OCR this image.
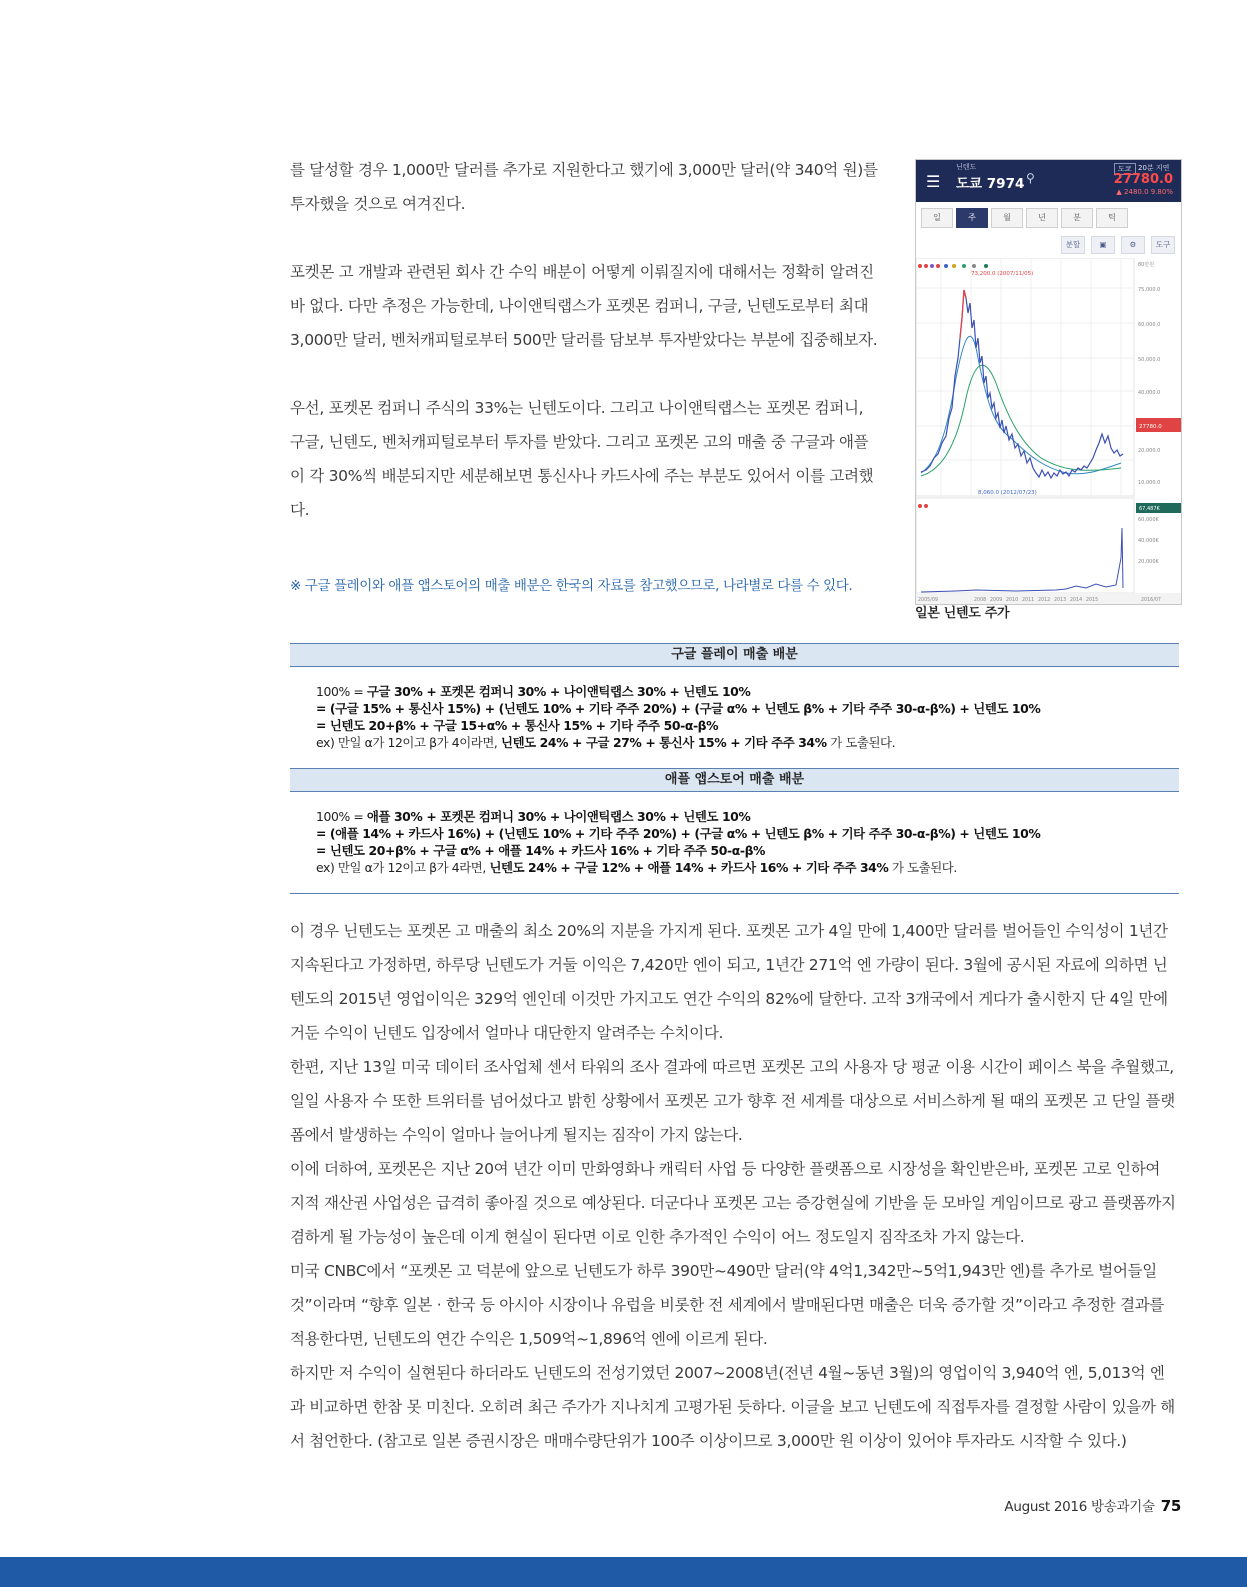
를 달성할 경우 1,000만 달러를 추가로 지원한다고 했기에 3,000만 달러(약 340억 원)를 투자했을 것으로 여겨진다.

포켓몬 고 개발과 관련된 회사 간 수익 배분이 어떻게 이뤄질지에 대해서는 정확히 알려진 바 없다. 다만 추정은 가능한데, 나이앤틱랩스가 포켓몬 컴퍼니, 구글, 닌텐도로부터 최대 3,000만 달러, 벤처캐피털로부터 500만 달러를 담보부 투자받았다는 부분에 집중해보자.

우선, 포켓몬 컴퍼니 주식의 33%는 닌텐도이다. 그리고 나이앤틱랩스는 포켓몬 컴퍼니, 구글, 닌텐도, 벤처캐피털로부터 투자를 받았다. 그리고 포켓몬 고의 매출 중 구글과 애플이 각 30%씩 배분되지만 세분해보면 통신사나 카드사에 주는 부분도 있어서 이를 고려했다.

※ 구글 플레이와 애플 앱스토어의 매출 배분은 한국의 자료를 참고했으므로, 나라별로 다를 수 있다.
☰
닌텐도
도쿄 7974 ⚲
도쿄 20분 지연
27780.0
▲ 2480.0 9.80%
일	주	월	년	분	틱
분할	▣	⚙	도구
73,200.0 (2007/11/05)
8,060.0 (2012/07/23)
80만원
75,000.0
60,000.0
50,000.0
40,000.0
20,000.0
10,000.0
27780.0
67,487K
60,000K
40,000K
20,000K
2005/09	2008 2009 2010 2011 2012 2013 2014 2015	2016/07
일본 닌텐도 주가
구글 플레이 매출 배분

100% = 구글 30% + 포켓몬 컴퍼니 30% + 나이앤틱랩스 30% + 닌텐도 10%

= (구글 15% + 통신사 15%) + (닌텐도 10% + 기타 주주 20%) + (구글 α% + 닌텐도 β% + 기타 주주 30-α-β%) + 닌텐도 10%

= 닌텐도 20+β% + 구글 15+α% + 통신사 15% + 기타 주주 50-α-β%

ex) 만일 α가 12이고 β가 4이라면, 닌텐도 24% + 구글 27% + 통신사 15% + 기타 주주 34% 가 도출된다.

애플 앱스토어 매출 배분

100% = 애플 30% + 포켓몬 컴퍼니 30% + 나이앤틱랩스 30% + 닌텐도 10%

= (애플 14% + 카드사 16%) + (닌텐도 10% + 기타 주주 20%) + (구글 α% + 닌텐도 β% + 기타 주주 30-α-β%) + 닌텐도 10%

= 닌텐도 20+β% + 구글 α% + 애플 14% + 카드사 16% + 기타 주주 50-α-β%

ex) 만일 α가 12이고 β가 4라면, 닌텐도 24% + 구글 12% + 애플 14% + 카드사 16% + 기타 주주 34% 가 도출된다.

이 경우 닌텐도는 포켓몬 고 매출의 최소 20%의 지분을 가지게 된다. 포켓몬 고가 4일 만에 1,400만 달러를 벌어들인 수익성이 1년간 지속된다고 가정하면, 하루당 닌텐도가 거둘 이익은 7,420만 엔이 되고, 1년간 271억 엔 가량이 된다. 3월에 공시된 자료에 의하면 닌텐도의 2015년 영업이익은 329억 엔인데 이것만 가지고도 연간 수익의 82%에 달한다. 고작 3개국에서 게다가 출시한지 단 4일 만에 거둔 수익이 닌텐도 입장에서 얼마나 대단한지 알려주는 수치이다.

한편, 지난 13일 미국 데이터 조사업체 센서 타워의 조사 결과에 따르면 포켓몬 고의 사용자 당 평균 이용 시간이 페이스 북을 추월했고, 일일 사용자 수 또한 트위터를 넘어섰다고 밝힌 상황에서 포켓몬 고가 향후 전 세계를 대상으로 서비스하게 될 때의 포켓몬 고 단일 플랫폼에서 발생하는 수익이 얼마나 늘어나게 될지는 짐작이 가지 않는다.

이에 더하여, 포켓몬은 지난 20여 년간 이미 만화영화나 캐릭터 사업 등 다양한 플랫폼으로 시장성을 확인받은바, 포켓몬 고로 인하여 지적 재산권 사업성은 급격히 좋아질 것으로 예상된다. 더군다나 포켓몬 고는 증강현실에 기반을 둔 모바일 게임이므로 광고 플랫폼까지 겸하게 될 가능성이 높은데 이게 현실이 된다면 이로 인한 추가적인 수익이 어느 정도일지 짐작조차 가지 않는다.

미국 CNBC에서 “포켓몬 고 덕분에 앞으로 닌텐도가 하루 390만~490만 달러(약 4억1,342만~5억1,943만 엔)를 추가로 벌어들일 것”이라며 “향후 일본 · 한국 등 아시아 시장이나 유럽을 비롯한 전 세계에서 발매된다면 매출은 더욱 증가할 것”이라고 추정한 결과를 적용한다면, 닌텐도의 연간 수익은 1,509억~1,896억 엔에 이르게 된다.

하지만 저 수익이 실현된다 하더라도 닌텐도의 전성기였던 2007~2008년(전년 4월~동년 3월)의 영업이익 3,940억 엔, 5,013억 엔과 비교하면 한참 못 미친다. 오히려 최근 주가가 지나치게 고평가된 듯하다. 이글을 보고 닌텐도에 직접투자를 결정할 사람이 있을까 해서 첨언한다. (참고로 일본 증권시장은 매매수량단위가 100주 이상이므로 3,000만 원 이상이 있어야 투자라도 시작할 수 있다.)

August 2016 방송과기술 75
